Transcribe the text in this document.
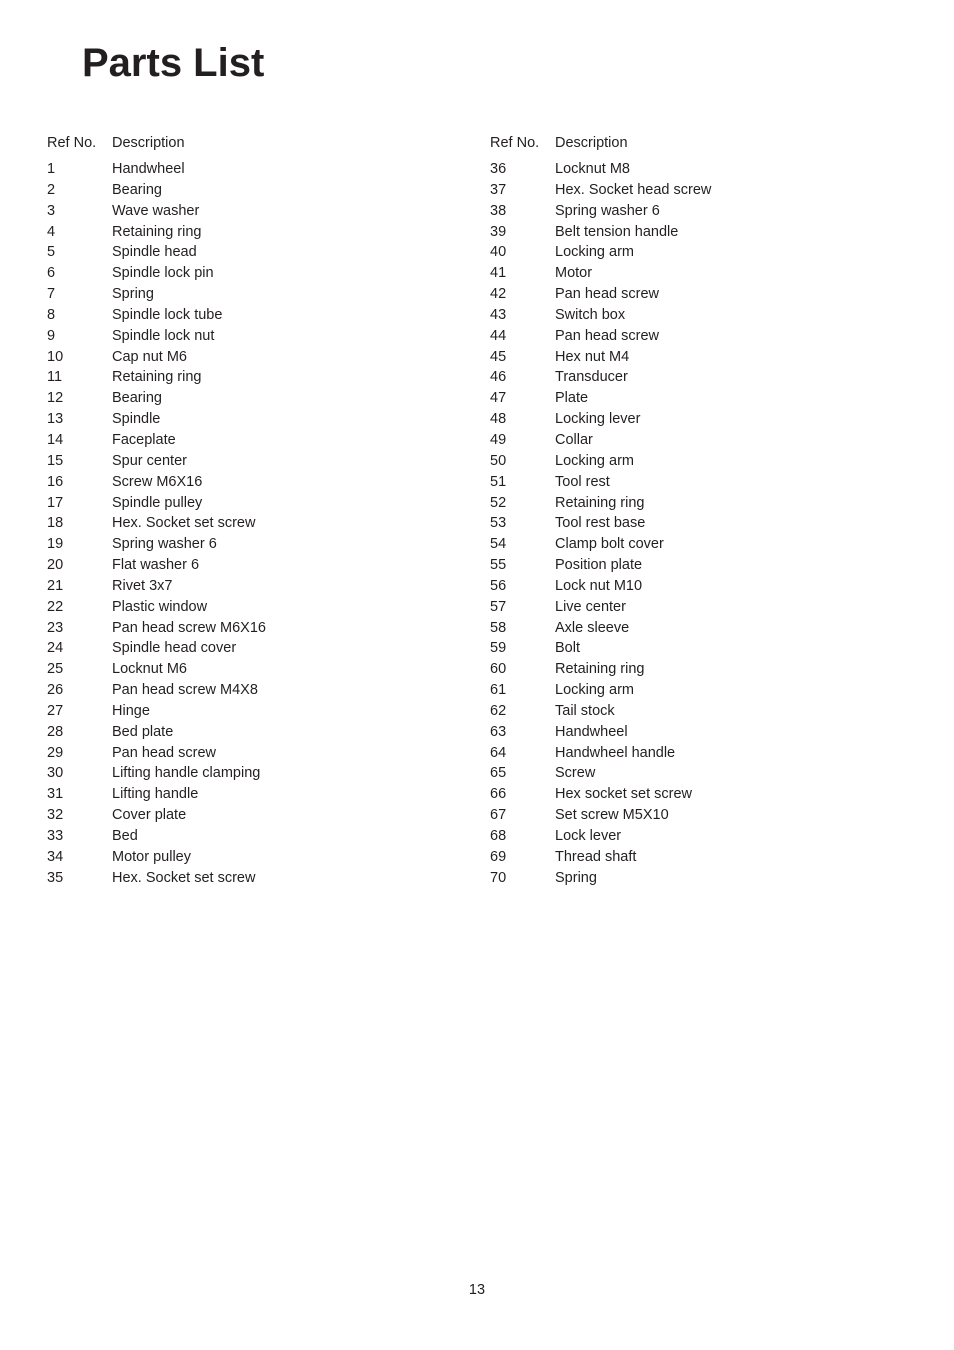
Parts List
Ref No.	Description
1	Handwheel
2	Bearing
3	Wave washer
4	Retaining ring
5	Spindle head
6	Spindle lock pin
7	Spring
8	Spindle lock tube
9	Spindle lock nut
10	Cap nut M6
11	Retaining ring
12	Bearing
13	Spindle
14	Faceplate
15	Spur center
16	Screw M6X16
17	Spindle pulley
18	Hex. Socket set screw
19	Spring washer 6
20	Flat washer 6
21	Rivet 3x7
22	Plastic window
23	Pan head screw M6X16
24	Spindle head cover
25	Locknut M6
26	Pan head screw M4X8
27	Hinge
28	Bed plate
29	Pan head screw
30	Lifting handle clamping
31	Lifting handle
32	Cover plate
33	Bed
34	Motor pulley
35	Hex. Socket set screw
Ref No.	Description
36	Locknut M8
37	Hex. Socket head screw
38	Spring washer 6
39	Belt tension handle
40	Locking arm
41	Motor
42	Pan head screw
43	Switch box
44	Pan head screw
45	Hex nut M4
46	Transducer
47	Plate
48	Locking lever
49	Collar
50	Locking arm
51	Tool rest
52	Retaining ring
53	Tool rest base
54	Clamp bolt cover
55	Position plate
56	Lock nut M10
57	Live center
58	Axle sleeve
59	Bolt
60	Retaining ring
61	Locking arm
62	Tail stock
63	Handwheel
64	Handwheel handle
65	Screw
66	Hex socket set screw
67	Set screw M5X10
68	Lock lever
69	Thread shaft
70	Spring
13
